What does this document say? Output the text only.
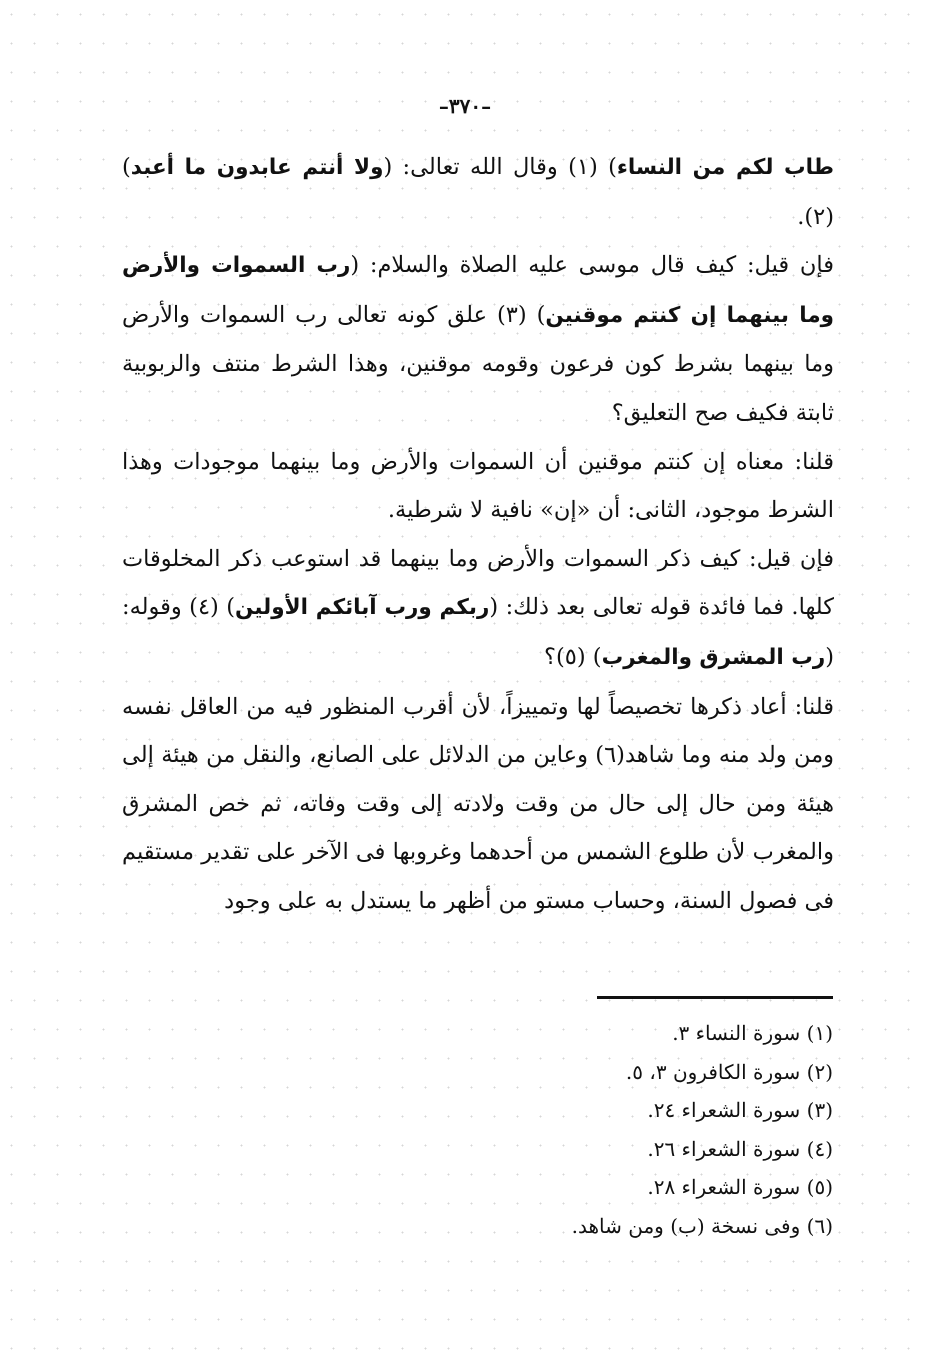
–٣٧٠–

طاب لكم من النساء) (١) وقال الله تعالى: (ولا أنتم عابدون ما أعبد) (٢).

فإن قيل: كيف قال موسى عليه الصلاة والسلام: (رب السموات والأرض وما بينهما إن كنتم موقنين) (٣) علق كونه تعالى رب السموات والأرض وما بينهما بشرط كون فرعون وقومه موقنين، وهذا الشرط منتف والربوبية ثابتة فكيف صح التعليق؟

قلنا: معناه إن كنتم موقنين أن السموات والأرض وما بينهما موجودات وهذا الشرط موجود، الثانى: أن «إن» نافية لا شرطية.

فإن قيل: كيف ذكر السموات والأرض وما بينهما قد استوعب ذكر المخلوقات كلها. فما فائدة قوله تعالى بعد ذلك: (ربكم ورب آبائكم الأولين) (٤) وقوله: (رب المشرق والمغرب) (٥)؟

قلنا: أعاد ذكرها تخصيصاً لها وتمييزاً، لأن أقرب المنظور فيه من العاقل نفسه ومن ولد منه وما شاهد(٦) وعاين من الدلائل على الصانع، والنقل من هيئة إلى هيئة ومن حال إلى حال من وقت ولادته إلى وقت وفاته، ثم خص المشرق والمغرب لأن طلوع الشمس من أحدهما وغروبها فى الآخر على تقدير مستقيم فى فصول السنة، وحساب مستو من أظهر ما يستدل به على وجود

(١) سورة النساء ٣.
(٢) سورة الكافرون ٣، ٥.
(٣) سورة الشعراء ٢٤.
(٤) سورة الشعراء ٢٦.
(٥) سورة الشعراء ٢٨.
(٦) وفى نسخة (ب) ومن شاهد.
